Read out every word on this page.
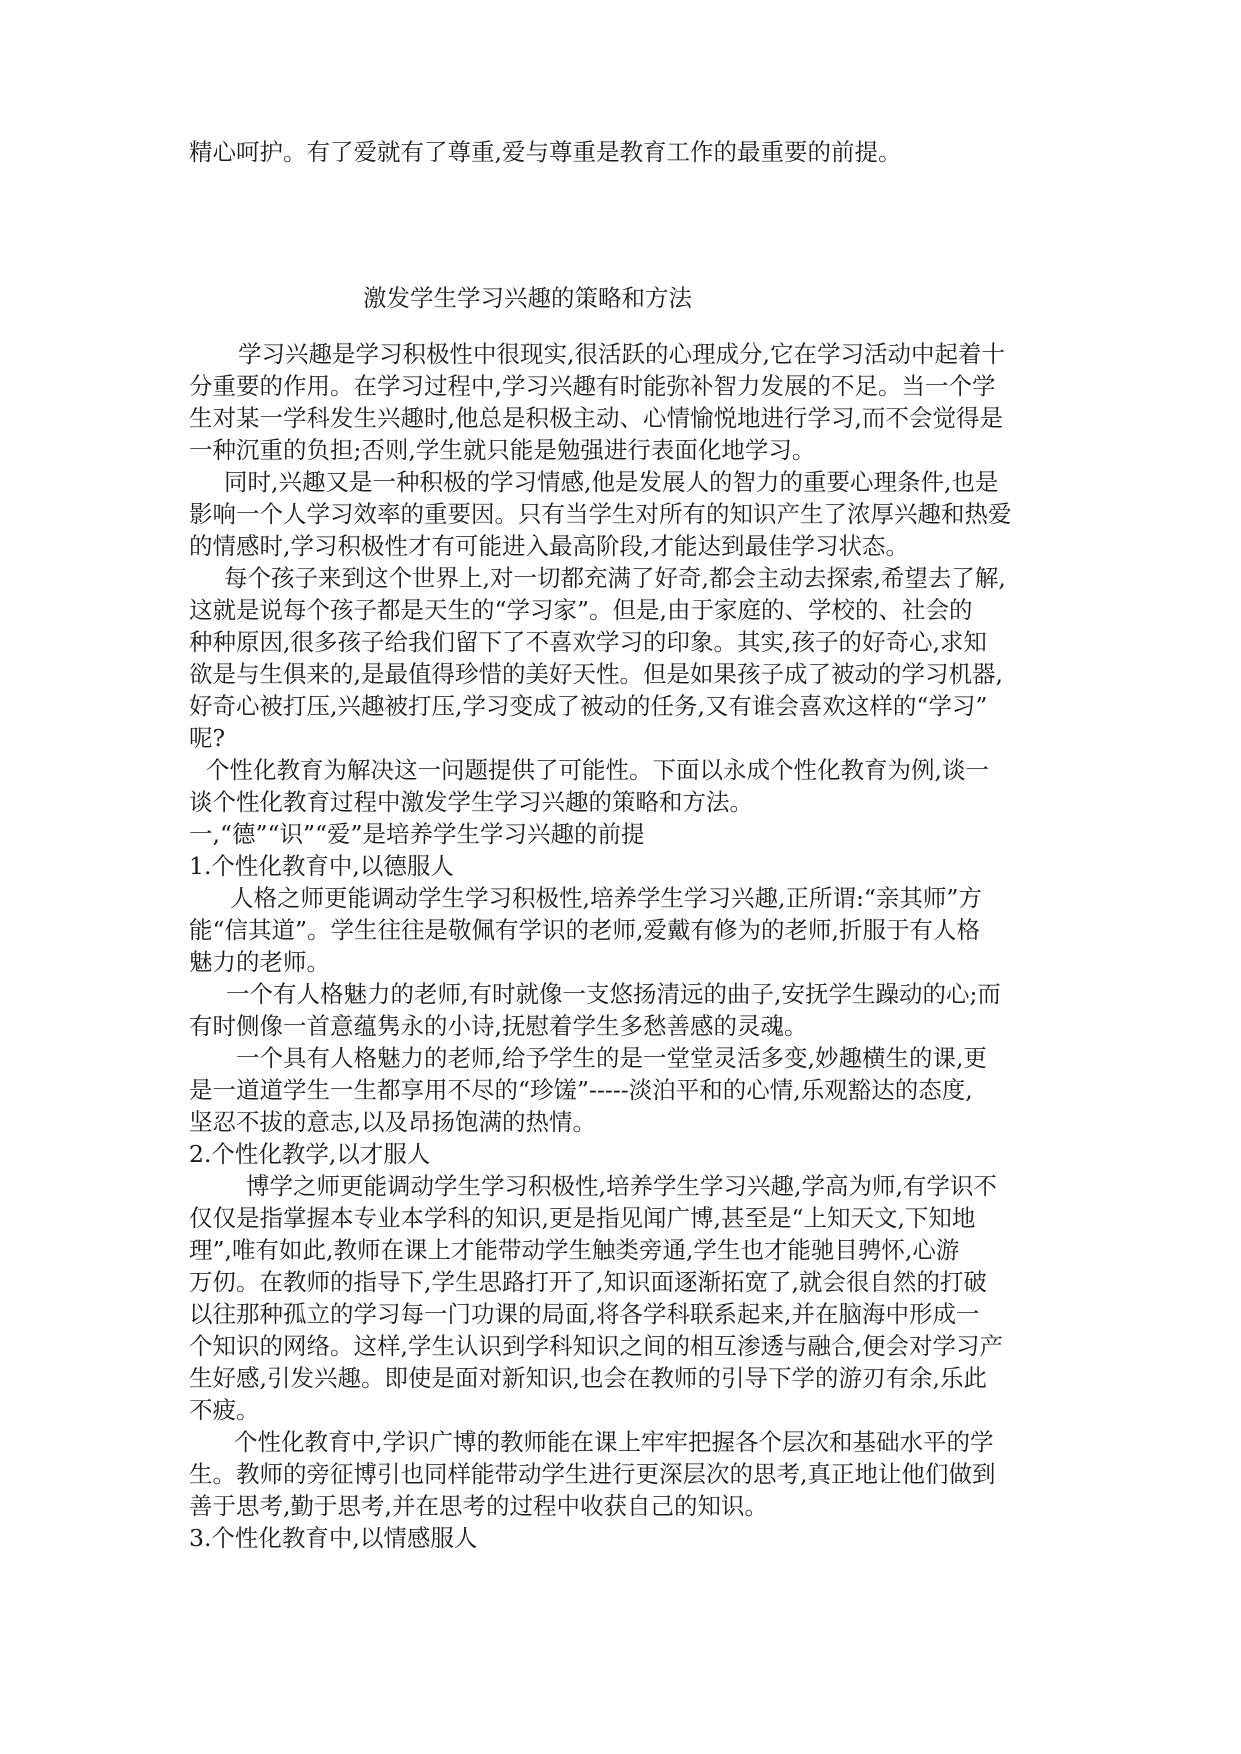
精心呵护。有了爱就有了尊重,爱与尊重是教育工作的最重要的前提。
激发学生学习兴趣的策略和方法
学习兴趣是学习积极性中很现实,很活跃的心理成分,它在学习活动中起着十
分重要的作用。在学习过程中,学习兴趣有时能弥补智力发展的不足。当一个学
生对某一学科发生兴趣时,他总是积极主动、心情愉悦地进行学习,而不会觉得是
一种沉重的负担;否则,学生就只能是勉强进行表面化地学习。
同时,兴趣又是一种积极的学习情感,他是发展人的智力的重要心理条件,也是
影响一个人学习效率的重要因。只有当学生对所有的知识产生了浓厚兴趣和热爱
的情感时,学习积极性才有可能进入最高阶段,才能达到最佳学习状态。
每个孩子来到这个世界上,对一切都充满了好奇,都会主动去探索,希望去了解,
这就是说每个孩子都是天生的“学习家”。但是,由于家庭的、学校的、社会的
种种原因,很多孩子给我们留下了不喜欢学习的印象。其实,孩子的好奇心,求知
欲是与生俱来的,是最值得珍惜的美好天性。但是如果孩子成了被动的学习机器,
好奇心被打压,兴趣被打压,学习变成了被动的任务,又有谁会喜欢这样的“学习”
呢?
个性化教育为解决这一问题提供了可能性。下面以永成个性化教育为例,谈一
谈个性化教育过程中激发学生学习兴趣的策略和方法。
一,“德”“识”“爱”是培养学生学习兴趣的前提
1.个性化教育中,以德服人
人格之师更能调动学生学习积极性,培养学生学习兴趣,正所谓:“亲其师”方
能“信其道”。学生往往是敬佩有学识的老师,爱戴有修为的老师,折服于有人格
魅力的老师。
一个有人格魅力的老师,有时就像一支悠扬清远的曲子,安抚学生躁动的心;而
有时侧像一首意蕴隽永的小诗,抚慰着学生多愁善感的灵魂。
一个具有人格魅力的老师,给予学生的是一堂堂灵活多变,妙趣横生的课,更
是一道道学生一生都享用不尽的“珍馐”-----淡泊平和的心情,乐观豁达的态度,
坚忍不拔的意志,以及昂扬饱满的热情。
2.个性化教学,以才服人
博学之师更能调动学生学习积极性,培养学生学习兴趣,学高为师,有学识不
仅仅是指掌握本专业本学科的知识,更是指见闻广博,甚至是“上知天文,下知地
理”,唯有如此,教师在课上才能带动学生触类旁通,学生也才能驰目骋怀,心游
万仞。在教师的指导下,学生思路打开了,知识面逐渐拓宽了,就会很自然的打破
以往那种孤立的学习每一门功课的局面,将各学科联系起来,并在脑海中形成一
个知识的网络。这样,学生认识到学科知识之间的相互渗透与融合,便会对学习产
生好感,引发兴趣。即使是面对新知识,也会在教师的引导下学的游刃有余,乐此
不疲。
个性化教育中,学识广博的教师能在课上牢牢把握各个层次和基础水平的学
生。教师的旁征博引也同样能带动学生进行更深层次的思考,真正地让他们做到
善于思考,勤于思考,并在思考的过程中收获自己的知识。
3.个性化教育中,以情感服人
